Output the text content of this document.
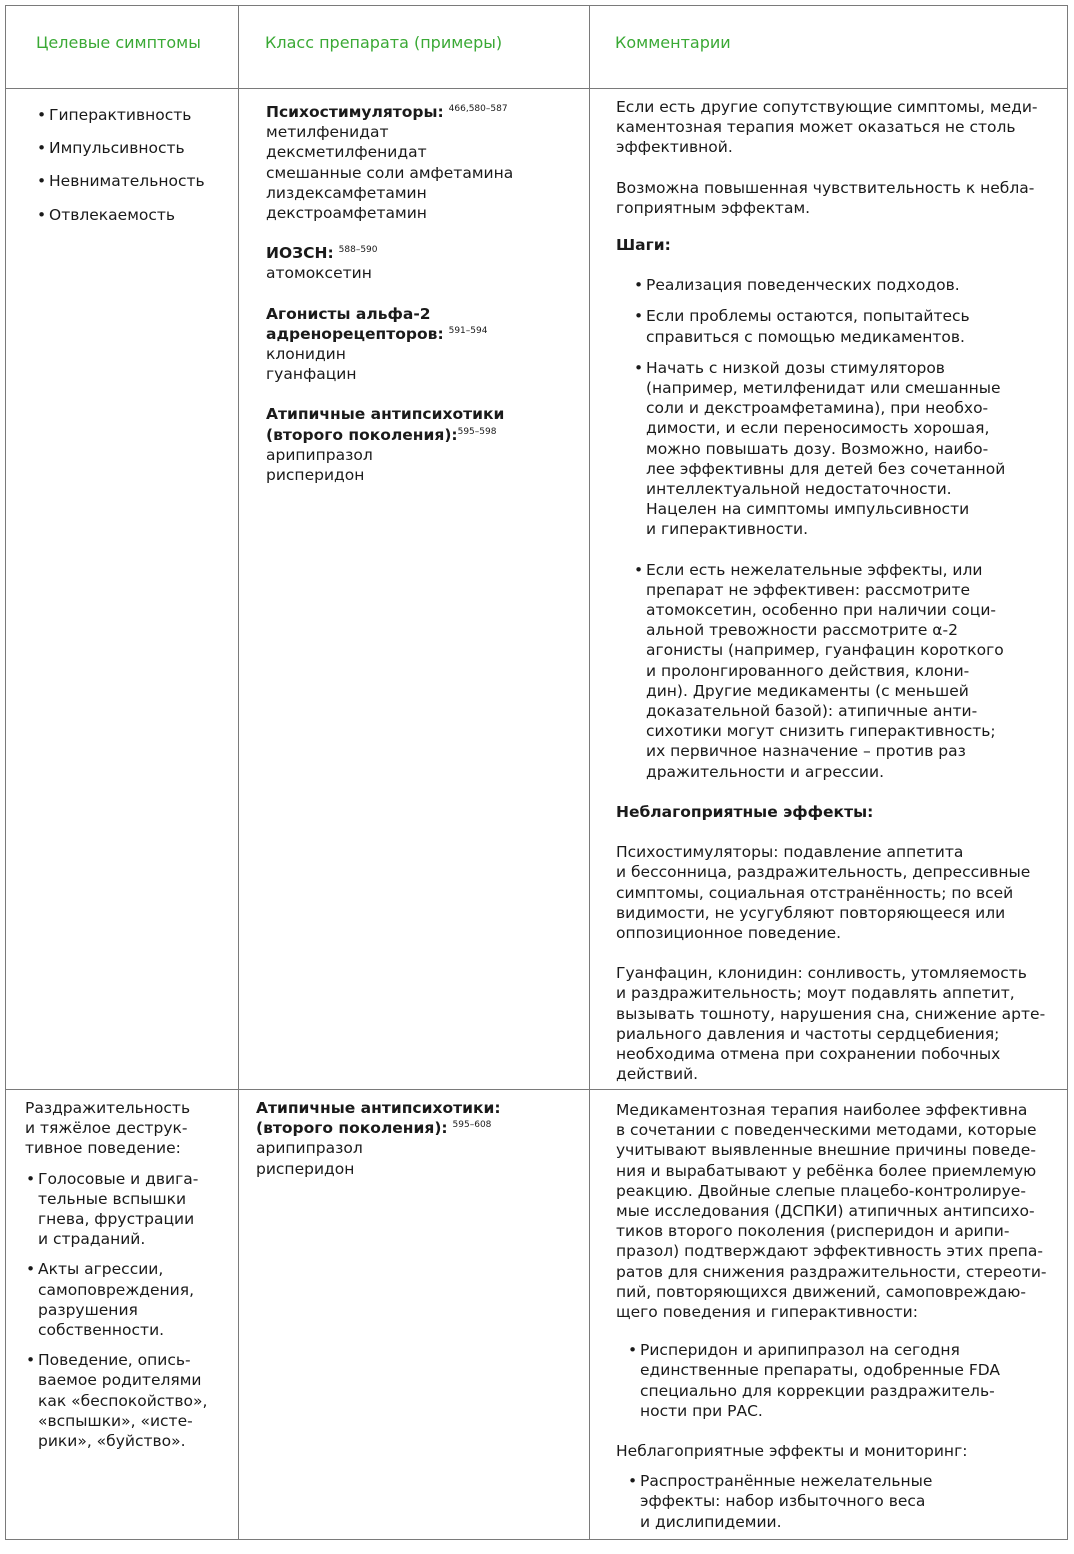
Целевые симптомы	Класс препарата (примеры)	Комментарии
• Гиперактивность
• Импульсивность
• Невнимательность
• Отвлекаемость

Психостимуляторы: $^{466,580-587}$

метилфенидат

дексметилфенидат

смешанные соли амфетамина

лиздексамфетамин

декстроамфетамин

ИОЗСН: $^{588-590}$

атомоксетин

Агонисты альфа-2

адренорецепторов: $^{591-594}$

клонидин

гуанфацин

Атипичные антипсихотики

(второго поколения):$^{595-598}$

арипипразол

рисперидон

Если есть другие сопутствующие симптомы, меди-

каментозная терапия может оказаться не столь

эффективной.

Возможна повышенная чувствительность к небла-

гоприятным эффектам.

Шаги:

• Реализация поведенческих подходов.

• Если проблемы остаются, попытайтесь

справиться с помощью медикаментов.

• Начать с низкой дозы стимуляторов

(например, метилфенидат или смешанные

соли и декстроамфетамина), при необхо-

димости, и если переносимость хорошая,

можно повышать дозу. Возможно, наибо-

лее эффективны для детей без сочетанной

интеллектуальной недостаточности.

Нацелен на симптомы импульсивности

и гиперактивности.

• Если есть нежелательные эффекты, или

препарат не эффективен: рассмотрите

атомоксетин, особенно при наличии соци-

альной тревожности рассмотрите α-2

агонисты (например, гуанфацин короткого

и пролонгированного действия, клони-

дин). Другие медикаменты (с меньшей

доказательной базой): атипичные анти-

сихотики могут снизить гиперактивность;

их первичное назначение – против раз

дражительности и агрессии.

Неблагоприятные эффекты:

Психостимуляторы: подавление аппетита

и бессонница, раздражительность, депрессивные

симптомы, социальная отстранённость; по всей

видимости, не усугубляют повторяющееся или

оппозиционное поведение.

Гуанфацин, клонидин: сонливость, утомляемость

и раздражительность; моут подавлять аппетит,

вызывать тошноту, нарушения сна, снижение арте-

риального давления и частоты сердцебиения;

необходима отмена при сохранении побочных

действий.

Раздражительность

и тяжёлое деструк-

тивное поведение:

• Голосовые и двига-

тельные вспышки

гнева, фрустрации

и страданий.

• Акты агрессии,

самоповреждения,

разрушения

собственности.

• Поведение, опись-

ваемое родителями

как «беспокойство»,

«вспышки», «исте-

рики», «буйство».

Атипичные антипсихотики:

(второго поколения): $^{595-608}$

арипипразол

рисперидон

Медикаментозная терапия наиболее эффективна

в сочетании с поведенческими методами, которые

учитывают выявленные внешние причины поведе-

ния и вырабатывают у ребёнка более приемлемую

реакцию. Двойные слепые плацебо-контролируе-

мые исследования (ДСПКИ) атипичных антипсихо-

тиков второго поколения (рисперидон и арипи-

празол) подтверждают эффективность этих препа-

ратов для снижения раздражительности, стереоти-

пий, повторяющихся движений, самоповреждаю-

щего поведения и гиперактивности:

• Рисперидон и арипипразол на сегодня

единственные препараты, одобренные FDA

специально для коррекции раздражитель-

ности при РАС.

Неблагоприятные эффекты и мониторинг:

• Распространённые нежелательные

эффекты: набор избыточного веса

и дислипидемии.
